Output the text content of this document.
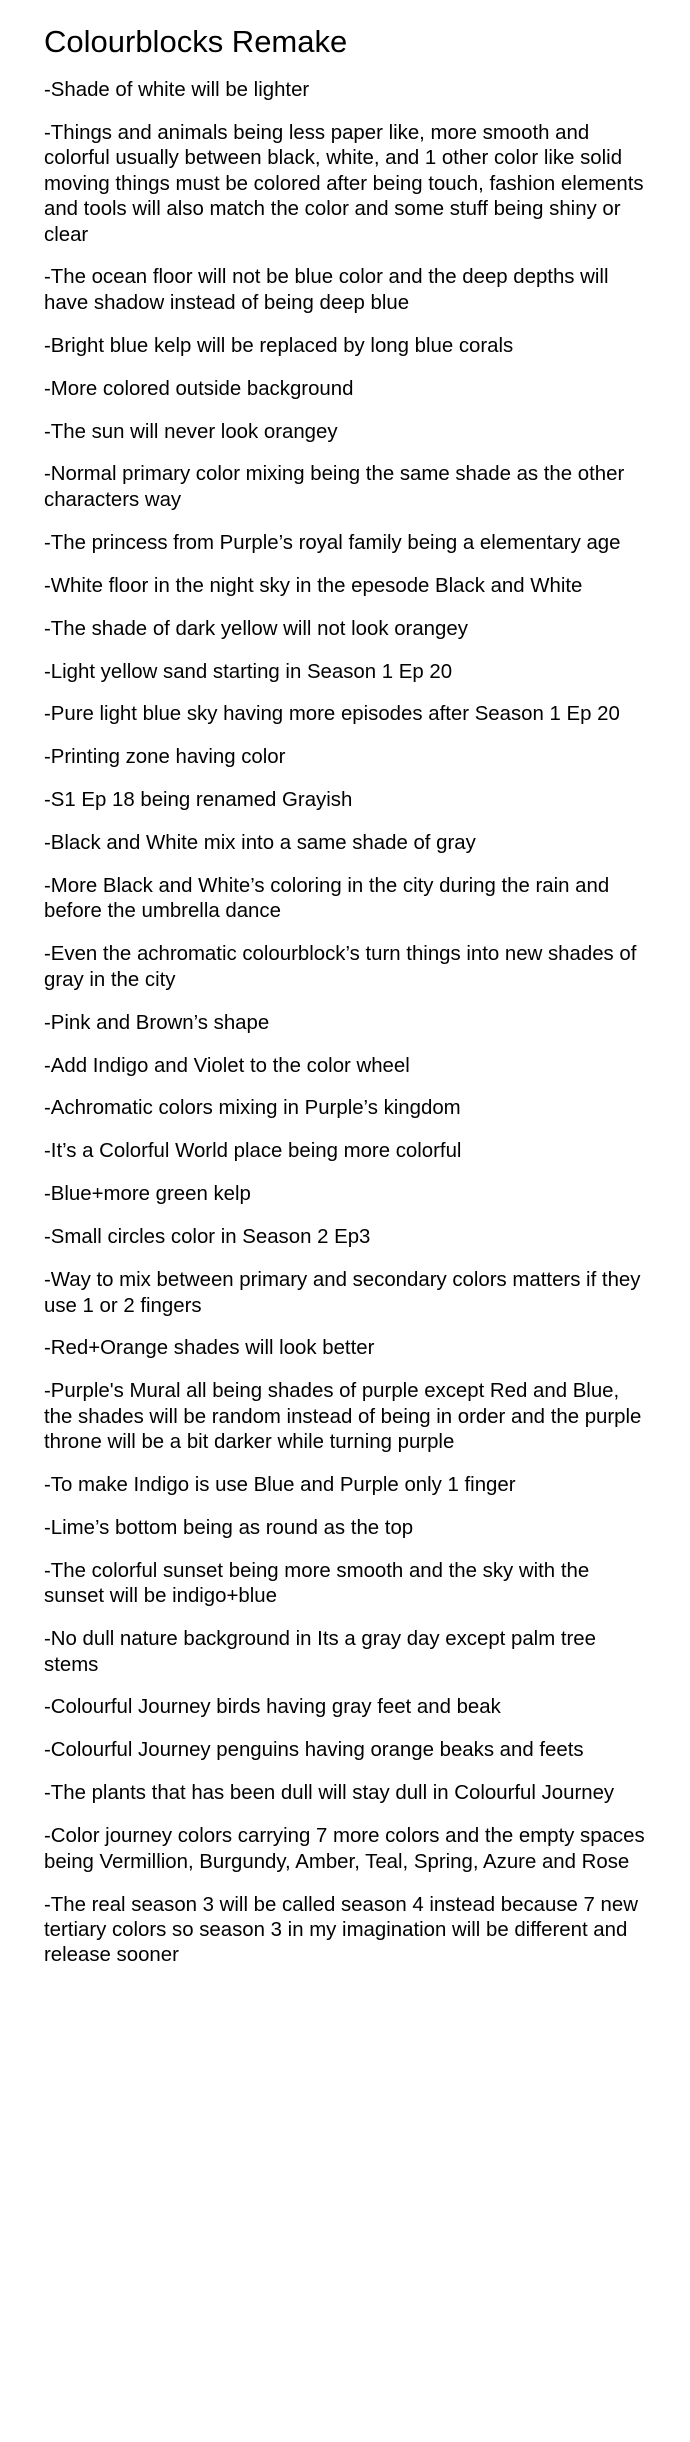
Colourblocks Remake

-Shade of white will be lighter

-Things and animals being less paper like, more smooth and colorful usually between black, white, and 1 other color like solid moving things must be colored after being touch, fashion elements and tools will also match the color and some stuff being shiny or clear

-The ocean floor will not be blue color and the deep depths will have shadow instead of being deep blue

-Bright blue kelp will be replaced by long blue corals

-More colored outside background

-The sun will never look orangey

-Normal primary color mixing being the same shade as the other characters way

-The princess from Purple’s royal family being a elementary age

-White floor in the night sky in the epesode Black and White

-The shade of dark yellow will not look orangey

-Light yellow sand starting in Season 1 Ep 20

-Pure light blue sky having more episodes after Season 1 Ep 20

-Printing zone having color

-S1 Ep 18 being renamed Grayish

-Black and White mix into a same shade of gray

-More Black and White’s coloring in the city during the rain and before the umbrella dance

-Even the achromatic colourblock’s turn things into new shades of gray in the city

-Pink and Brown’s shape

-Add Indigo and Violet to the color wheel

-Achromatic colors mixing in Purple’s kingdom

-It’s a Colorful World place being more colorful

-Blue+more green kelp

-Small circles color in Season 2 Ep3

-Way to mix between primary and secondary colors matters if they use 1 or 2 fingers

-Red+Orange shades will look better

-Purple's Mural all being shades of purple except Red and Blue, the shades will be random instead of being in order and the purple throne will be a bit darker while turning purple

-To make Indigo is use Blue and Purple only 1 finger

-Lime’s bottom being as round as the top

-The colorful sunset being more smooth and the sky with the sunset will be indigo+blue

-No dull nature background in Its a gray day except palm tree stems

-Colourful Journey birds having gray feet and beak

-Colourful Journey penguins having orange beaks and feets

-The plants that has been dull will stay dull in Colourful Journey

-Color journey colors carrying 7 more colors and the empty spaces being Vermillion, Burgundy, Amber, Teal, Spring, Azure and Rose

-The real season 3 will be called season 4 instead because 7 new tertiary colors so season 3 in my imagination will be different and release sooner
